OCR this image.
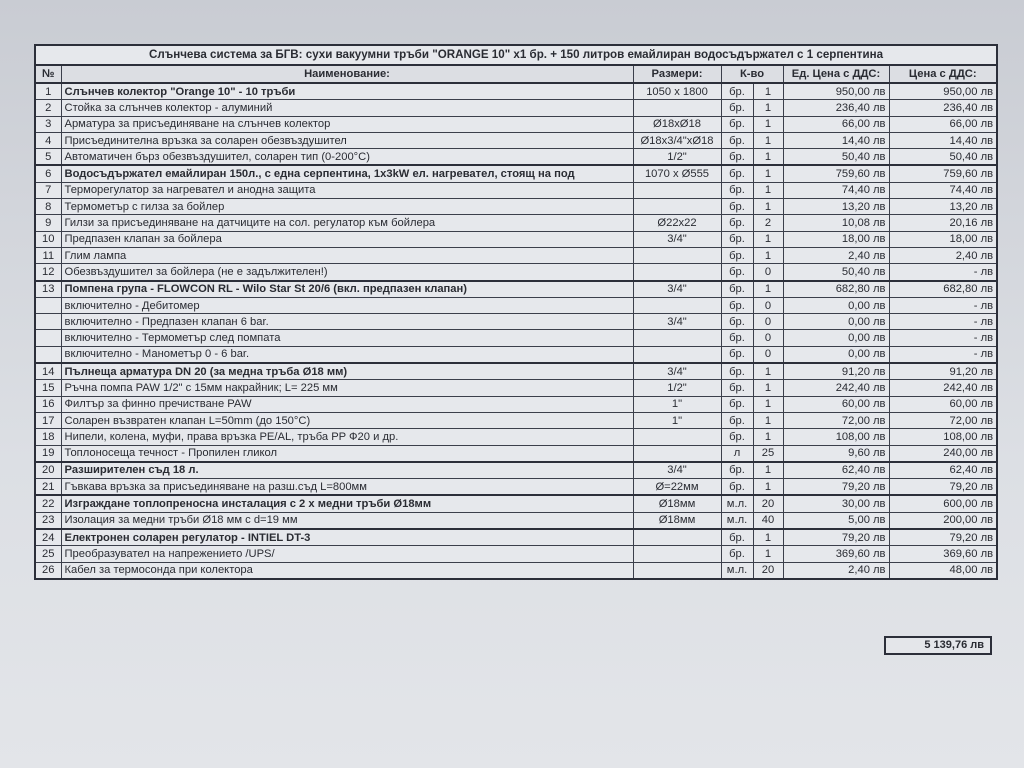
Слънчева система за БГВ: сухи вакуумни тръби "ORANGE 10" x1 бр. + 150 литров емайлиран водосъдържател с 1 серпентина						
№	Наименование:	Размери:	К-во		Ед. Цена с ДДС:	Цена с ДДС:
1	Слънчев колектор "Orange 10" - 10 тръби	1050 x 1800	бр.	1	950,00 лв	950,00 лв
2	Стойка за слънчев колектор - алуминий		бр.	1	236,40 лв	236,40 лв
3	Арматура за присъединяване на слънчев колектор	Ø18xØ18	бр.	1	66,00 лв	66,00 лв
4	Присъединителна връзка за соларен обезвъздушител	Ø18x3/4"xØ18	бр.	1	14,40 лв	14,40 лв
5	Автоматичен бърз обезвъздушител, соларен тип (0-200°C)	1/2"	бр.	1	50,40 лв	50,40 лв
6	Водосъдържател емайлиран 150л., с една серпентина, 1x3kW ел. нагревател, стоящ на под	1070 x Ø555	бр.	1	759,60 лв	759,60 лв
7	Терморегулатор за нагревател и анодна защита		бр.	1	74,40 лв	74,40 лв
8	Термометър с гилза за бойлер		бр.	1	13,20 лв	13,20 лв
9	Гилзи за присъединяване на датчиците на сол. регулатор към бойлера	Ø22x22	бр.	2	10,08 лв	20,16 лв
10	Предпазен клапан за бойлера	3/4"	бр.	1	18,00 лв	18,00 лв
11	Глим лампа		бр.	1	2,40 лв	2,40 лв
12	Обезвъздушител за бойлера (не е задължителен!)		бр.	0	50,40 лв	- лв
13	Помпена група - FLOWCON RL - Wilo Star St 20/6 (вкл. предпазен клапан)	3/4"	бр.	1	682,80 лв	682,80 лв
	включително - Дебитомер		бр.	0	0,00 лв	- лв
	включително - Предпазен клапан 6 bar.	3/4"	бр.	0	0,00 лв	- лв
	включително - Термометър след помпата		бр.	0	0,00 лв	- лв
	включително - Манометър 0 - 6 bar.		бр.	0	0,00 лв	- лв
14	Пълнеща арматура DN 20 (за медна тръба Ø18 мм)	3/4"	бр.	1	91,20 лв	91,20 лв
15	Ръчна помпа PAW 1/2" с 15мм накрайник; L= 225 мм	1/2"	бр.	1	242,40 лв	242,40 лв
16	Филтър за финно пречистване PAW	1"	бр.	1	60,00 лв	60,00 лв
17	Соларен възвратен клапан L=50mm (до 150°C)	1"	бр.	1	72,00 лв	72,00 лв
18	Нипели, колена, муфи, права връзка PE/AL, тръба PP Ф20 и др.		бр.	1	108,00 лв	108,00 лв
19	Топлоносеща течност - Пропилен гликол		л	25	9,60 лв	240,00 лв
20	Разширителен съд 18 л.	3/4"	бр.	1	62,40 лв	62,40 лв
21	Гъвкава връзка за присъединяване на разш.съд L=800мм	Ø=22мм	бр.	1	79,20 лв	79,20 лв
22	Изграждане топлопреносна инсталация с 2 х медни тръби Ø18мм	Ø18мм	м.л.	20	30,00 лв	600,00 лв
23	Изолация за медни тръби Ø18 мм с d=19 мм	Ø18мм	м.л.	40	5,00 лв	200,00 лв
24	Електронен соларен регулатор - INTIEL DT-3		бр.	1	79,20 лв	79,20 лв
25	Преобразувател на напрежението /UPS/		бр.	1	369,60 лв	369,60 лв
26	Кабел за термосонда при колектора		м.л.	20	2,40 лв	48,00 лв
5 139,76 лв
